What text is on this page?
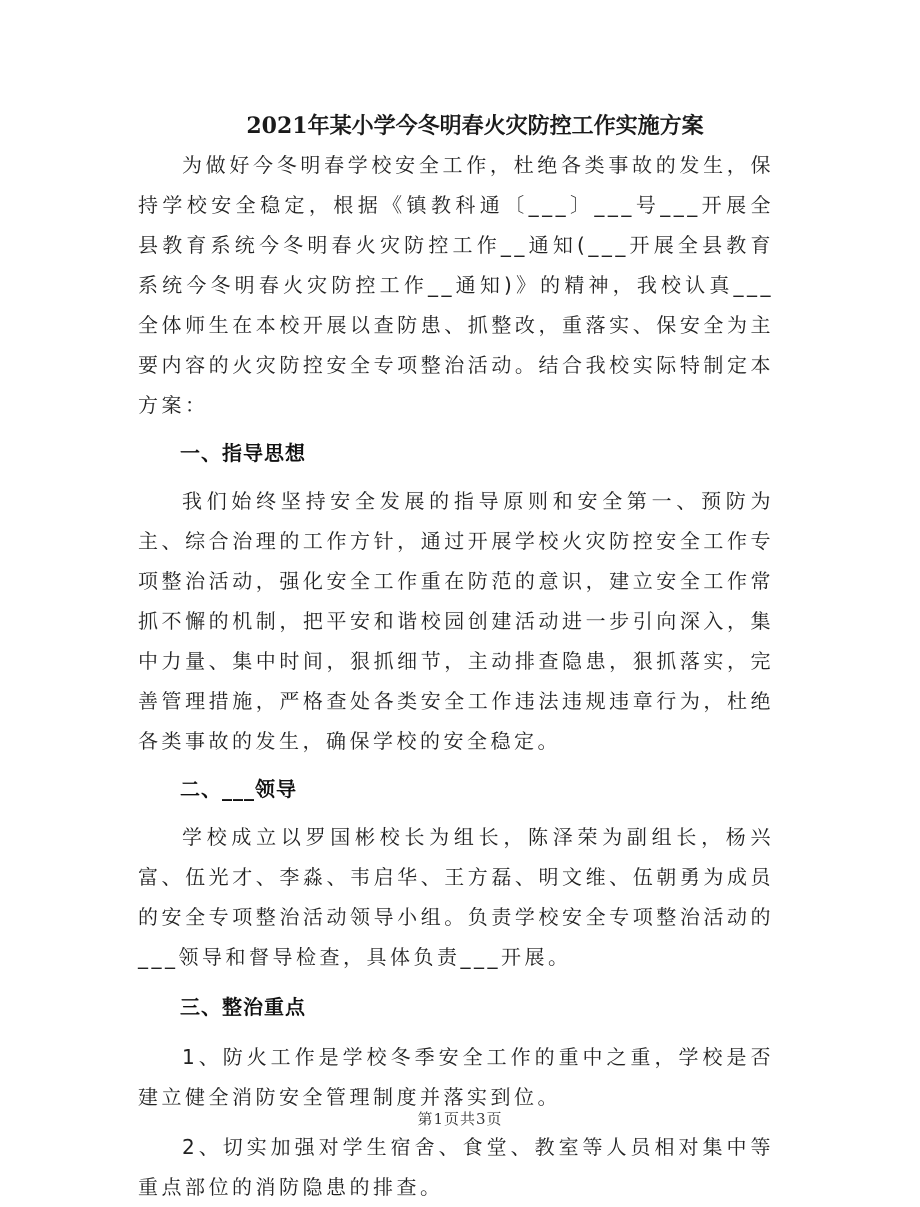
2021年某小学今冬明春火灾防控工作实施方案

为做好今冬明春学校安全工作，杜绝各类事故的发生，保持学校安全稳定，根据《镇教科通〔___〕___号___开展全县教育系统今冬明春火灾防控工作__通知(___开展全县教育系统今冬明春火灾防控工作__通知)》的精神，我校认真___全体师生在本校开展以查防患、抓整改，重落实、保安全为主要内容的火灾防控安全专项整治活动。结合我校实际特制定本方案：

一、指导思想

我们始终坚持安全发展的指导原则和安全第一、预防为主、综合治理的工作方针，通过开展学校火灾防控安全工作专项整治活动，强化安全工作重在防范的意识，建立安全工作常抓不懈的机制，把平安和谐校园创建活动进一步引向深入，集中力量、集中时间，狠抓细节，主动排查隐患，狠抓落实，完善管理措施，严格查处各类安全工作违法违规违章行为，杜绝各类事故的发生，确保学校的安全稳定。

二、___领导

学校成立以罗国彬校长为组长，陈泽荣为副组长，杨兴富、伍光才、李淼、韦启华、王方磊、明文维、伍朝勇为成员的安全专项整治活动领导小组。负责学校安全专项整治活动的___领导和督导检查，具体负责___开展。

三、整治重点

1、防火工作是学校冬季安全工作的重中之重，学校是否建立健全消防安全管理制度并落实到位。

2、切实加强对学生宿舍、食堂、教室等人员相对集中等重点部位的消防隐患的排查。

第1页共3页
